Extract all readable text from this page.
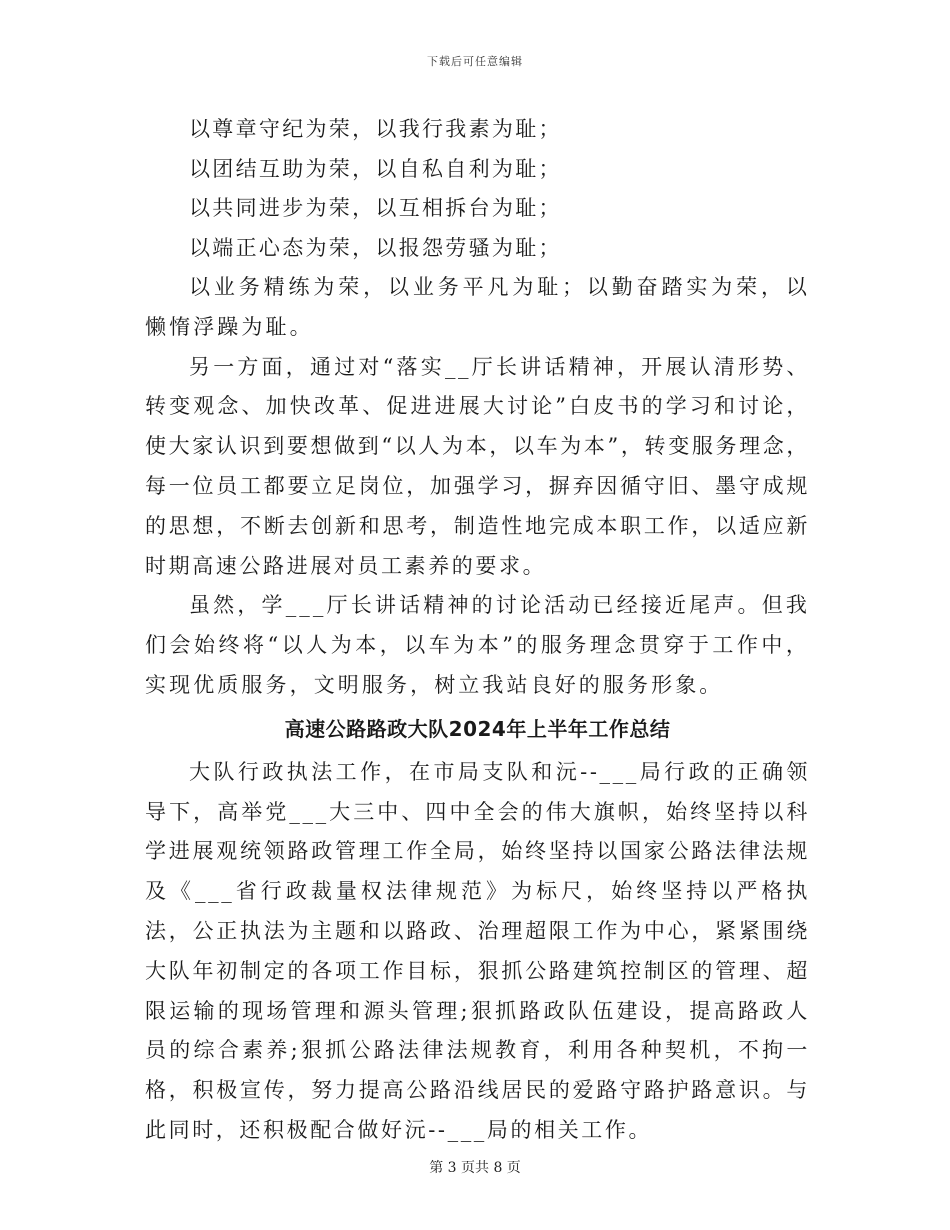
下载后可任意编辑
以尊章守纪为荣，以我行我素为耻；
以团结互助为荣，以自私自利为耻；
以共同进步为荣，以互相拆台为耻；
以端正心态为荣，以报怨劳骚为耻；

以业务精练为荣，以业务平凡为耻；以勤奋踏实为荣，以懒惰浮躁为耻。

另一方面，通过对“落实__厅长讲话精神，开展认清形势、转变观念、加快改革、促进进展大讨论”白皮书的学习和讨论，使大家认识到要想做到“以人为本，以车为本”，转变服务理念，每一位员工都要立足岗位，加强学习，摒弃因循守旧、墨守成规的思想，不断去创新和思考，制造性地完成本职工作，以适应新时期高速公路进展对员工素养的要求。

虽然，学___厅长讲话精神的讨论活动已经接近尾声。但我们会始终将“以人为本，以车为本”的服务理念贯穿于工作中，实现优质服务，文明服务，树立我站良好的服务形象。

高速公路路政大队2024年上半年工作总结

大队行政执法工作，在市局支队和沅--___局行政的正确领导下，高举党___大三中、四中全会的伟大旗帜，始终坚持以科学进展观统领路政管理工作全局，始终坚持以国家公路法律法规及《___省行政裁量权法律规范》为标尺，始终坚持以严格执法，公正执法为主题和以路政、治理超限工作为中心，紧紧围绕大队年初制定的各项工作目标，狠抓公路建筑控制区的管理、超限运输的现场管理和源头管理;狠抓路政队伍建设，提高路政人员的综合素养;狠抓公路法律法规教育，利用各种契机，不拘一格，积极宣传，努力提高公路沿线居民的爱路守路护路意识。与此同时，还积极配合做好沅--___局的相关工作。

第 3 页共 8 页
